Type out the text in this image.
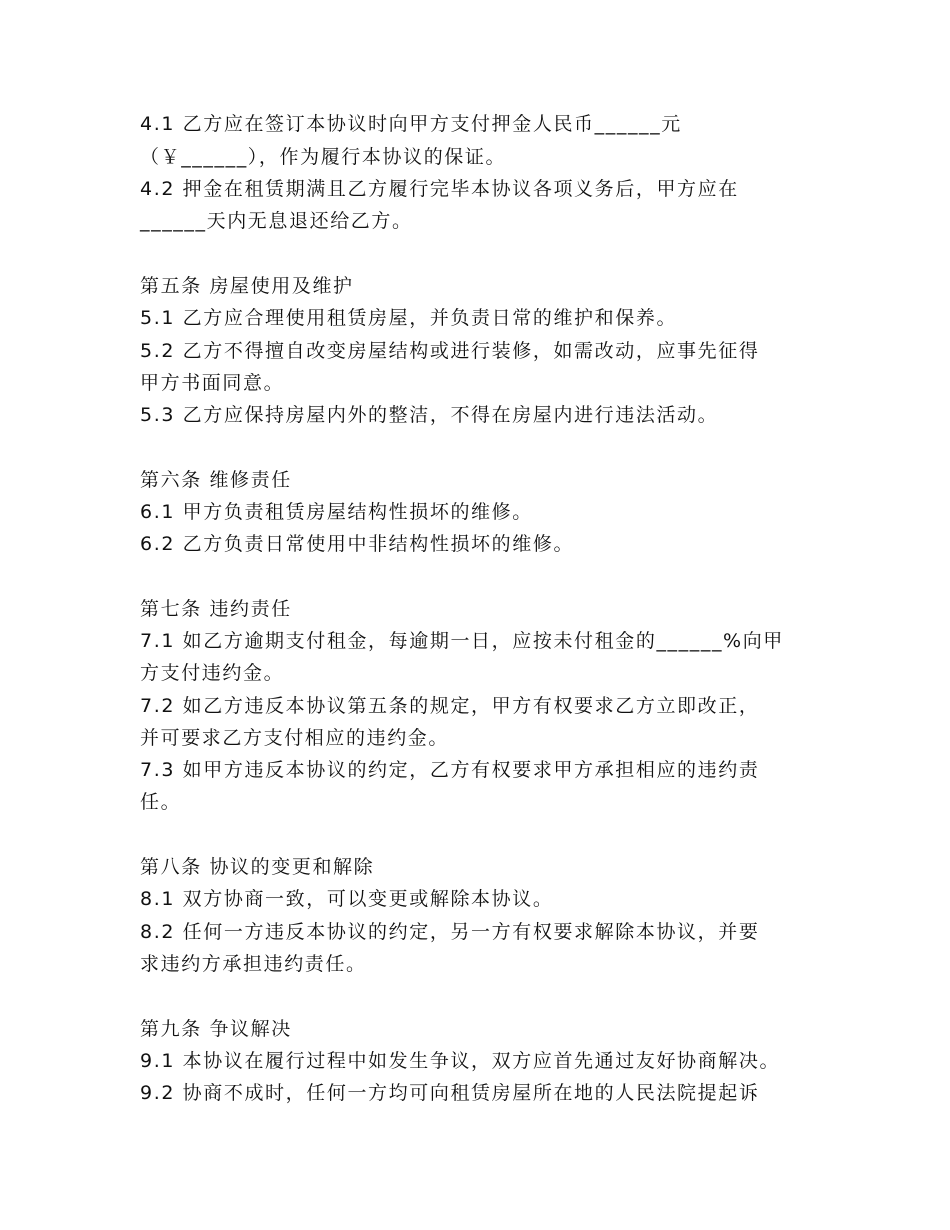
4.1 乙方应在签订本协议时向甲方支付押金人民币______元
（￥______），作为履行本协议的保证。
4.2 押金在租赁期满且乙方履行完毕本协议各项义务后，甲方应在
______天内无息退还给乙方。
第五条 房屋使用及维护
5.1 乙方应合理使用租赁房屋，并负责日常的维护和保养。
5.2 乙方不得擅自改变房屋结构或进行装修，如需改动，应事先征得
甲方书面同意。
5.3 乙方应保持房屋内外的整洁，不得在房屋内进行违法活动。
第六条 维修责任
6.1 甲方负责租赁房屋结构性损坏的维修。
6.2 乙方负责日常使用中非结构性损坏的维修。
第七条 违约责任
7.1 如乙方逾期支付租金，每逾期一日，应按未付租金的______%向甲
方支付违约金。
7.2 如乙方违反本协议第五条的规定，甲方有权要求乙方立即改正，
并可要求乙方支付相应的违约金。
7.3 如甲方违反本协议的约定，乙方有权要求甲方承担相应的违约责
任。
第八条 协议的变更和解除
8.1 双方协商一致，可以变更或解除本协议。
8.2 任何一方违反本协议的约定，另一方有权要求解除本协议，并要
求违约方承担违约责任。
第九条 争议解决
9.1 本协议在履行过程中如发生争议，双方应首先通过友好协商解决。
9.2 协商不成时，任何一方均可向租赁房屋所在地的人民法院提起诉
